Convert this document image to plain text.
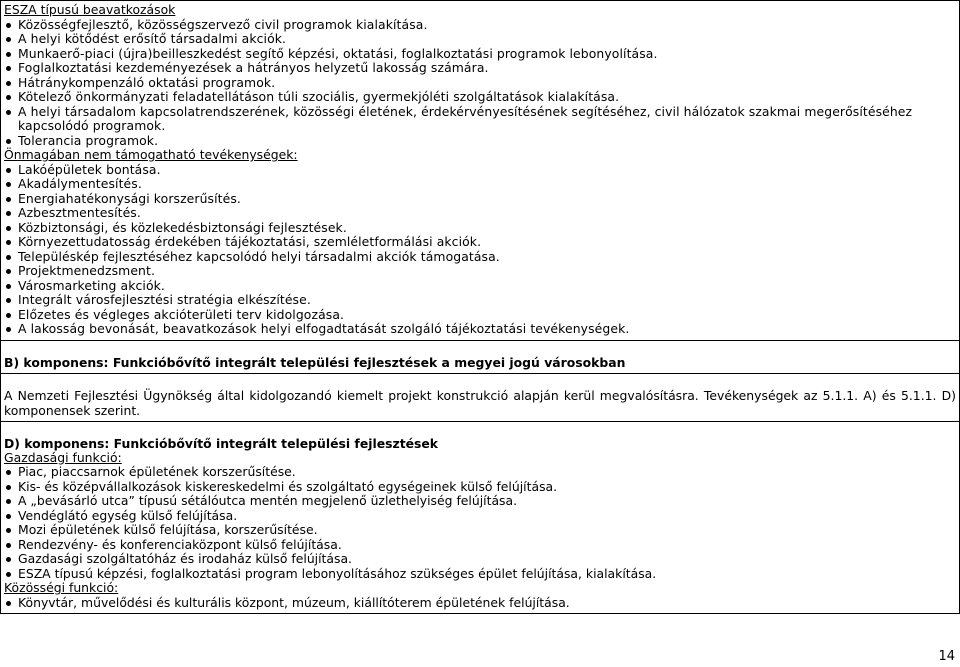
ESZA típusú beavatkozások
Közösségfejlesztő, közösségszervező civil programok kialakítása.
A helyi kötődést erősítő társadalmi akciók.
Munkaerő-piaci (újra)beilleszkedést segítő képzési, oktatási, foglalkoztatási programok lebonyolítása.
Foglalkoztatási kezdeményezések a hátrányos helyzetű lakosság számára.
Hátránykompenzáló oktatási programok.
Kötelező önkormányzati feladatellátáson túli szociális, gyermekjóléti szolgáltatások kialakítása.
A helyi társadalom kapcsolatrendszerének, közösségi életének, érdekérvényesítésének segítéséhez, civil hálózatok szakmai megerősítéséhez kapcsolódó programok.
Tolerancia programok.
Önmagában nem támogatható tevékenységek:
Lakóépületek bontása.
Akadálymentesítés.
Energiahatékonysági korszerűsítés.
Azbesztmentesítés.
Közbiztonsági, és közlekedésbiztonsági fejlesztések.
Környezettudatosság érdekében tájékoztatási, szemléletformálási akciók.
Településkép fejlesztéséhez kapcsolódó helyi társadalmi akciók támogatása.
Projektmenedzsment.
Városmarketing akciók.
Integrált városfejlesztési stratégia elkészítése.
Előzetes és végleges akcióterületi terv kidolgozása.
A lakosság bevonását, beavatkozások helyi elfogadtatását szolgáló tájékoztatási tevékenységek.
B) komponens: Funkcióbővítő integrált települési fejlesztések a megyei jogú városokban
A Nemzeti Fejlesztési Ügynökség által kidolgozandó kiemelt projekt konstrukció alapján kerül megvalósításra. Tevékenységek az 5.1.1. A) és 5.1.1. D) komponensek szerint.
D) komponens: Funkcióbővítő integrált települési fejlesztések
Gazdasági funkció:
Piac, piaccsarnok épületének korszerűsítése.
Kis- és középvállalkozások kiskereskedelmi és szolgáltató egységeinek külső felújítása.
A „bevásárló utca” típusú sétálóutca mentén megjelenő üzlethelyiség felújítása.
Vendéglátó egység külső felújítása.
Mozi épületének külső felújítása, korszerűsítése.
Rendezvény- és konferenciaközpont külső felújítása.
Gazdasági szolgáltatóház és irodaház külső felújítása.
ESZA típusú képzési, foglalkoztatási program lebonyolításához szükséges épület felújítása, kialakítása.
Közösségi funkció:
Könyvtár, művelődési és kulturális központ, múzeum, kiállítóterem épületének felújítása.
14
